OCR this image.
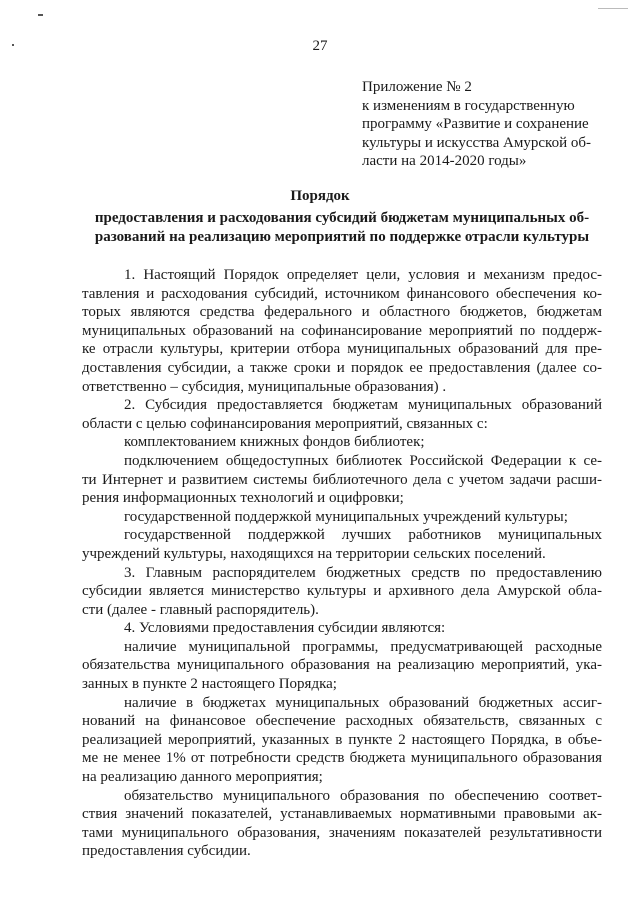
27
Приложение № 2
к изменениям в государственную
программу «Развитие и сохранение
культуры и искусства Амурской об-
ласти на 2014-2020 годы»
Порядок
предоставления и расходования субсидий бюджетам муниципальных об-
разований на реализацию мероприятий по поддержке отрасли культуры
1. Настоящий Порядок определяет цели, условия и механизм предос-
тавления и расходования субсидий, источником финансового обеспечения ко-
торых являются средства федерального и областного бюджетов, бюджетам
муниципальных образований на софинансирование мероприятий по поддерж-
ке отрасли культуры, критерии отбора муниципальных образований для пре-
доставления субсидии, а также сроки и порядок ее предоставления (далее со-
ответственно – субсидия, муниципальные образования) .
2. Субсидия предоставляется бюджетам муниципальных образований
области с целью софинансирования мероприятий, связанных с:
комплектованием книжных фондов библиотек;
подключением общедоступных библиотек Российской Федерации к се-
ти Интернет и развитием системы библиотечного дела с учетом задачи расши-
рения информационных технологий и оцифровки;
государственной поддержкой муниципальных учреждений культуры;
государственной поддержкой лучших работников муниципальных
учреждений культуры, находящихся на территории сельских поселений.
3. Главным распорядителем бюджетных средств по предоставлению
субсидии является министерство культуры и архивного дела Амурской обла-
сти (далее - главный распорядитель).
4. Условиями предоставления субсидии являются:
наличие муниципальной программы, предусматривающей расходные
обязательства муниципального образования на реализацию мероприятий, ука-
занных в пункте 2 настоящего Порядка;
наличие в бюджетах муниципальных образований бюджетных ассиг-
нований на финансовое обеспечение расходных обязательств, связанных с
реализацией мероприятий, указанных в пункте 2 настоящего Порядка, в объе-
ме не менее 1% от потребности средств бюджета муниципального образования
на реализацию данного мероприятия;
обязательство муниципального образования по обеспечению соответ-
ствия значений показателей, устанавливаемых нормативными правовыми ак-
тами муниципального образования, значениям показателей результативности
предоставления субсидии.
